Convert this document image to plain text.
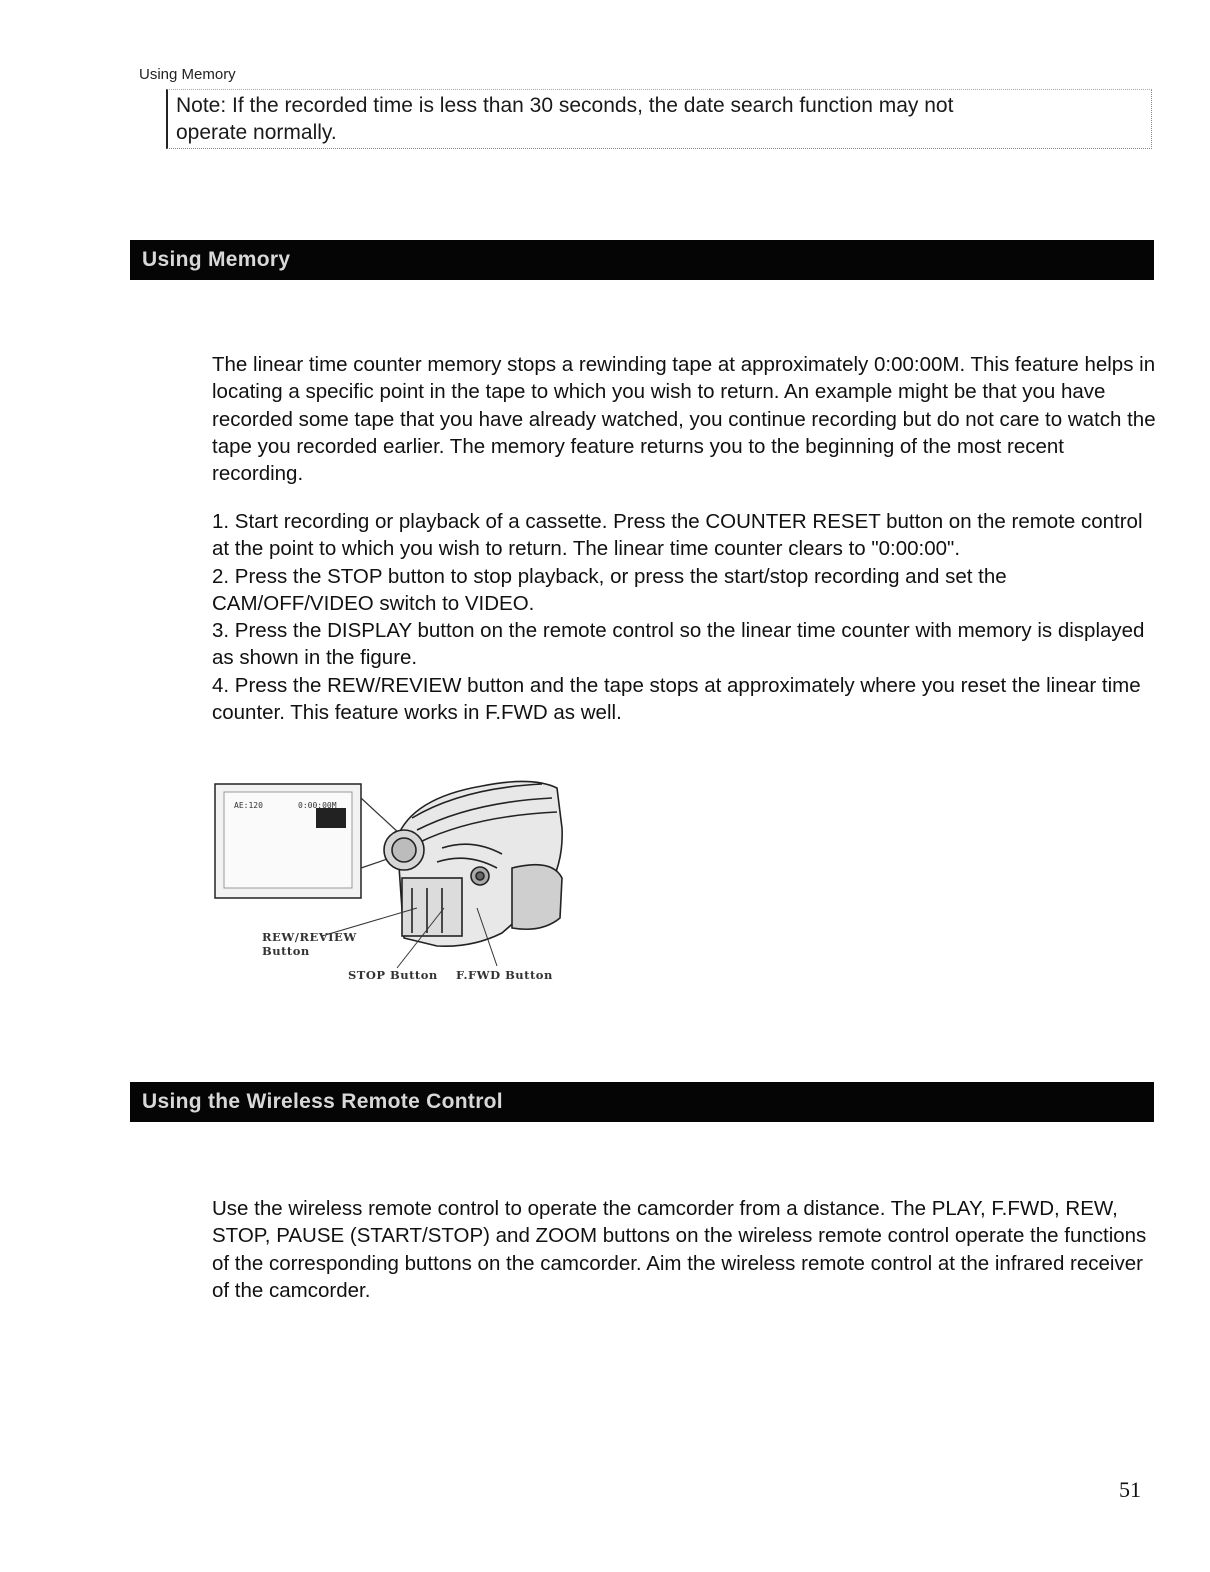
Using Memory
Note: If the recorded time is less than 30 seconds, the date search function may not
operate normally.
Using Memory

The linear time counter memory stops a rewinding tape at approximately 0:00:00M. This feature helps in locating a specific point in the tape to which you wish to return. An example might be that you have recorded some tape that you have already watched, you continue recording but do not care to watch the tape you recorded earlier. The memory feature returns you to the beginning of the most recent recording.

1. Start recording or playback of a cassette. Press the COUNTER RESET button on the remote control at the point to which you wish to return. The linear time counter clears to "0:00:00".
2. Press the STOP button to stop playback, or press the start/stop recording and set the CAM/OFF/VIDEO switch to VIDEO.
3. Press the DISPLAY button on the remote control so the linear time counter with memory is displayed as shown in the figure.
4. Press the REW/REVIEW button and the tape stops at approximately where you reset the linear time counter. This feature works in F.FWD as well.
AE:120	0:00:00M
REW/REVIEW
Button
STOP Button F.FWD Button
Using the Wireless Remote Control

Use the wireless remote control to operate the camcorder from a distance. The PLAY, F.FWD, REW, STOP, PAUSE (START/STOP) and ZOOM buttons on the wireless remote control operate the functions of the corresponding buttons on the camcorder. Aim the wireless remote control at the infrared receiver of the camcorder.

51
